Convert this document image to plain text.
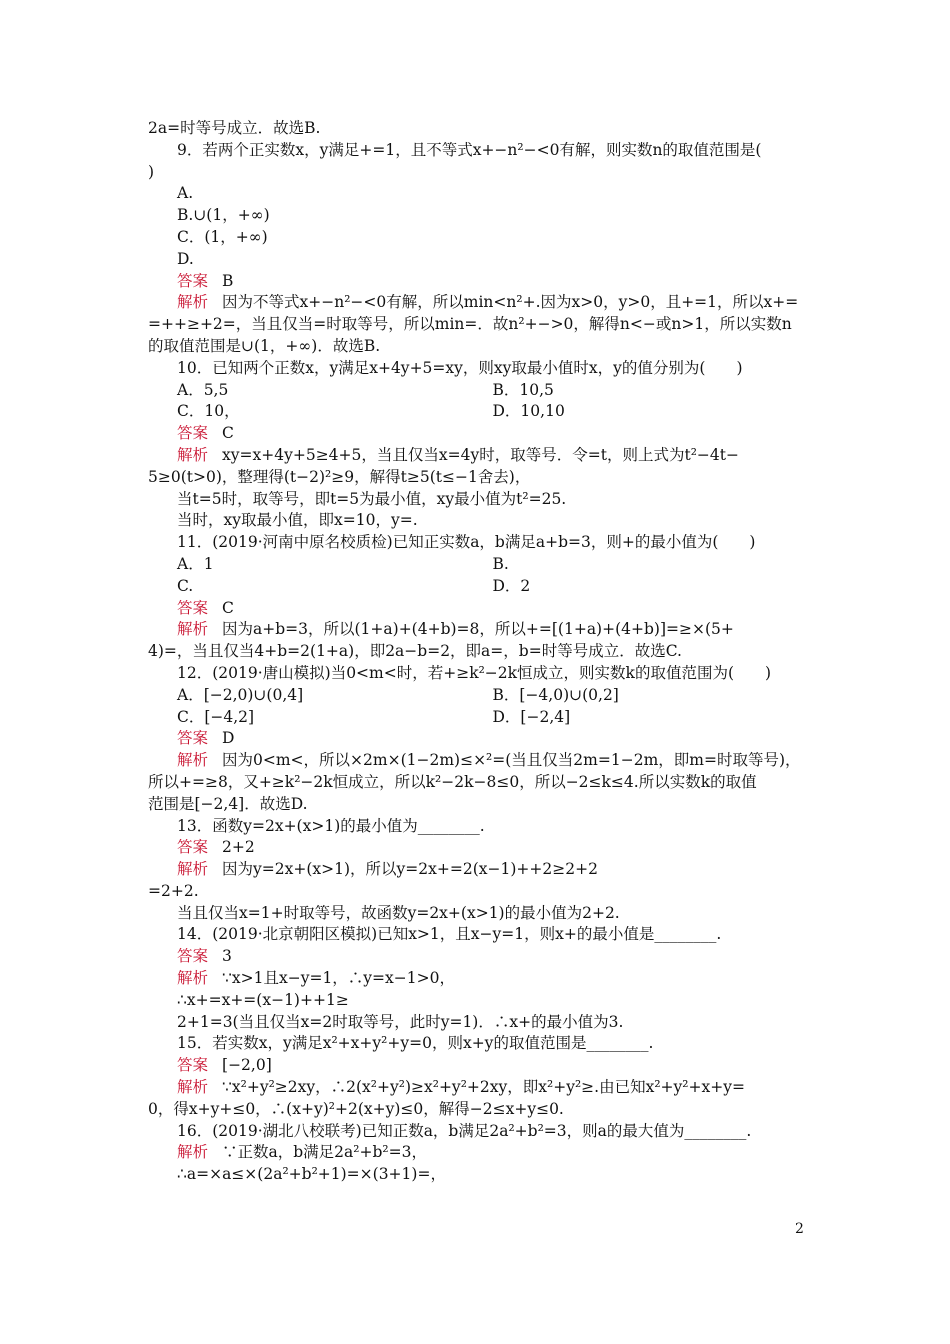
2a=时等号成立．故选B.
9．若两个正实数x，y满足+=1，且不等式x+−n²−<0有解，则实数n的取值范围是(
)
A.
B.∪(1，+∞)
C．(1，+∞)
D.
答案 B
解析 因为不等式x+−n²−<0有解，所以min<n²+.因为x>0，y>0，且+=1，所以x+=
=++≥+2=，当且仅当=时取等号，所以min=．故n²+−>0，解得n<−或n>1，所以实数n
的取值范围是∪(1，+∞)．故选B.
10．已知两个正数x，y满足x+4y+5=xy，则xy取最小值时x，y的值分别为(　　)
A．5,5	B．10,5
C．10，	D．10,10
答案 C
解析 xy=x+4y+5≥4+5，当且仅当x=4y时，取等号．令=t，则上式为t²−4t−
5≥0(t>0)，整理得(t−2)²≥9，解得t≥5(t≤−1舍去)，
当t=5时，取等号，即t=5为最小值，xy最小值为t²=25.
当时，xy取最小值，即x=10，y=.
11．(2019·河南中原名校质检)已知正实数a，b满足a+b=3，则+的最小值为(　　)
A．1	B.
C.	D．2
答案 C
解析 因为a+b=3，所以(1+a)+(4+b)=8，所以+=[(1+a)+(4+b)]=≥×(5+
4)=，当且仅当4+b=2(1+a)，即2a−b=2，即a=，b=时等号成立．故选C.
12．(2019·唐山模拟)当0<m<时，若+≥k²−2k恒成立，则实数k的取值范围为(　　)
A．[−2,0)∪(0,4]	B．[−4,0)∪(0,2]
C．[−4,2]	D．[−2,4]
答案 D
解析 因为0<m<，所以×2m×(1−2m)≤×²=(当且仅当2m=1−2m，即m=时取等号)，
所以+=≥8，又+≥k²−2k恒成立，所以k²−2k−8≤0，所以−2≤k≤4.所以实数k的取值
范围是[−2,4]．故选D.
13．函数y=2x+(x>1)的最小值为________.
答案 2+2
解析 因为y=2x+(x>1)，所以y=2x+=2(x−1)++2≥2+2
=2+2.
当且仅当x=1+时取等号，故函数y=2x+(x>1)的最小值为2+2.
14．(2019·北京朝阳区模拟)已知x>1，且x−y=1，则x+的最小值是________.
答案 3
解析 ∵x>1且x−y=1，∴y=x−1>0，
∴x+=x+=(x−1)++1≥
2+1=3(当且仅当x=2时取等号，此时y=1)．∴x+的最小值为3.
15．若实数x，y满足x²+x+y²+y=0，则x+y的取值范围是________.
答案 [−2,0]
解析 ∵x²+y²≥2xy，∴2(x²+y²)≥x²+y²+2xy，即x²+y²≥.由已知x²+y²+x+y=
0，得x+y+≤0，∴(x+y)²+2(x+y)≤0，解得−2≤x+y≤0.
16．(2019·湖北八校联考)已知正数a，b满足2a²+b²=3，则a的最大值为________.
解析 ∵正数a，b满足2a²+b²=3，
∴a=×a≤×(2a²+b²+1)=×(3+1)=，
2
